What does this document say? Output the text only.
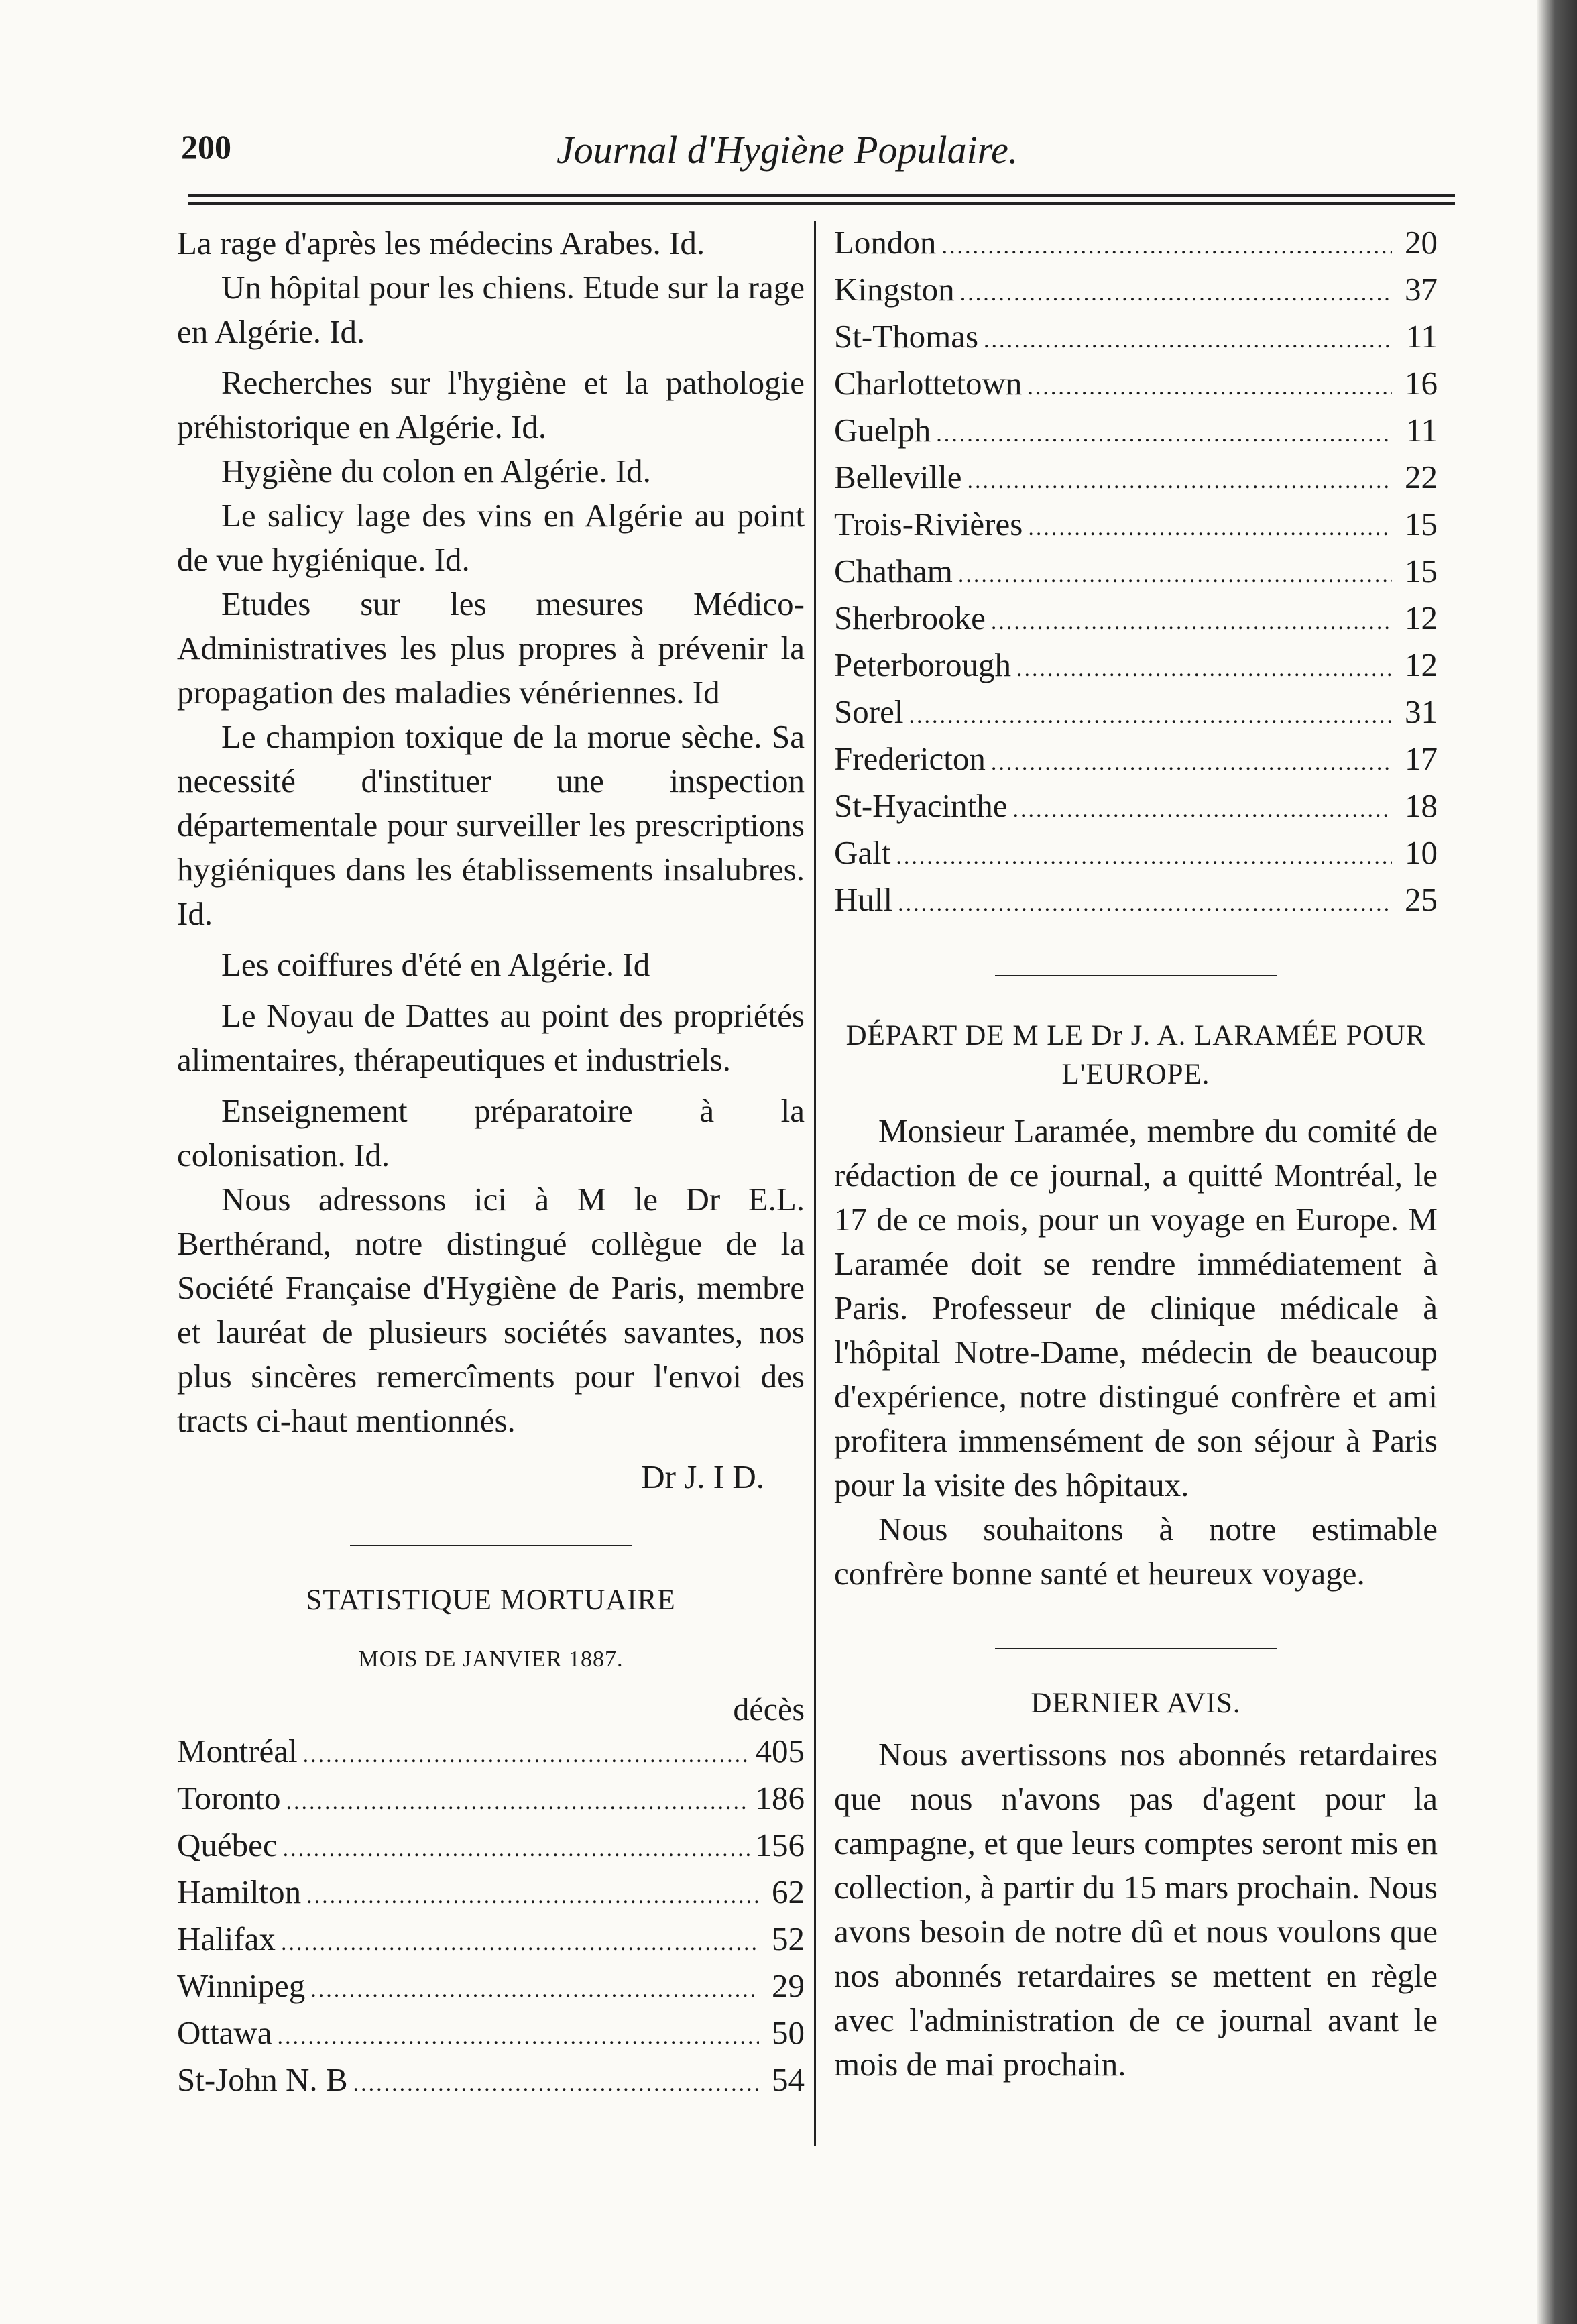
200	Journal d'Hygiène Populaire.

La rage d'après les médecins Arabes. Id.

Un hôpital pour les chiens. Etude sur la rage en Algérie. Id.

Recherches sur l'hygiène et la pathologie préhistorique en Algérie. Id.

Hygiène du colon en Algérie. Id.

Le salicy lage des vins en Algérie au point de vue hygiénique. Id.

Etudes sur les mesures Médico-Administratives les plus propres à prévenir la propagation des maladies vénériennes. Id

Le champion toxique de la morue sèche. Sa necessité d'instituer une inspection départementale pour surveiller les prescriptions hygiéniques dans les établissements insalubres. Id.

Les coiffures d'été en Algérie. Id

Le Noyau de Dattes au point des propriétés alimentaires, thérapeutiques et industriels.

Enseignement préparatoire à la colonisation. Id.

Nous adressons ici à M le Dr E.L. Berthérand, notre distingué collègue de la Société Française d'Hygiène de Paris, membre et lauréat de plusieurs sociétés savantes, nos plus sincères remercîments pour l'envoi des tracts ci-haut mentionnés.

Dr J. I D.
STATISTIQUE MORTUAIRE
MOIS DE JANVIER 1887.
décès
Montréal .....	405
Toronto .....	186
Québec .....	156
Hamilton .....	62
Halifax .....	52
Winnipeg .....	29
Ottawa .....	50
St-John N. B .....	54
London .....	20
Kingston .....	37
St-Thomas .....	11
Charlottetown .....	16
Guelph .....	11
Belleville .....	22
Trois-Rivières .....	15
Chatham .....	15
Sherbrooke .....	12
Peterborough .....	12
Sorel .....	31
Fredericton .....	17
St-Hyacinthe .....	18
Galt .....	10
Hull .....	25
DÉPART DE M LE Dr J. A. LARAMÉE POUR L'EUROPE.

Monsieur Laramée, membre du comité de rédaction de ce journal, a quitté Montréal, le 17 de ce mois, pour un voyage en Europe. M Laramée doit se rendre immédiatement à Paris. Professeur de clinique médicale à l'hôpital Notre-Dame, médecin de beaucoup d'expérience, notre distingué confrère et ami profitera immensément de son séjour à Paris pour la visite des hôpitaux.

Nous souhaitons à notre estimable confrère bonne santé et heureux voyage.

DERNIER AVIS.

Nous avertissons nos abonnés retardaires que nous n'avons pas d'agent pour la campagne, et que leurs comptes seront mis en collection, à partir du 15 mars prochain. Nous avons besoin de notre dû et nous voulons que nos abonnés retardaires se mettent en règle avec l'administration de ce journal avant le mois de mai prochain.
